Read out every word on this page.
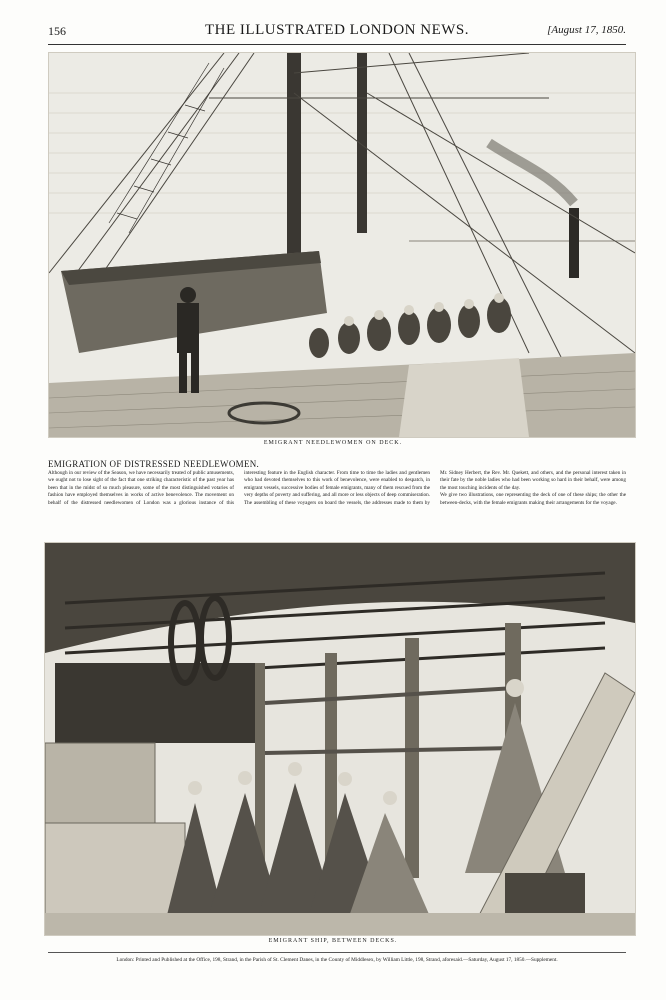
156	THE ILLUSTRATED LONDON NEWS.	[August 17, 1850.
EMIGRANT NEEDLEWOMEN ON DECK.
EMIGRATION OF DISTRESSED NEEDLEWOMEN.

Although in our review of the Season, we have necessarily treated of public amusements, we ought not to lose sight of the fact that one striking characteristic of the past year has been that in the midst of so much pleasure, some of the most distinguished votaries of fashion have employed themselves in works of active benevolence. The movement on behalf of the distressed needlewomen of London was a glorious instance of this interesting feature in the English character. From time to time the ladies and gentlemen who had devoted themselves to this work of benevolence, were enabled to despatch, in emigrant vessels, successive bodies of female emigrants, many of them rescued from the very depths of poverty and suffering, and all more or less objects of deep commiseration. The assembling of these voyagers on board the vessels, the addresses made to them by Mr. Sidney Herbert, the Rev. Mr. Quekett, and others, and the personal interest taken in their fate by the noble ladies who had been working so hard in their behalf, were among the most touching incidents of the day.

We give two illustrations, one representing the deck of one of these ships; the other the between-decks, with the female emigrants making their arrangements for the voyage.

EMIGRANT SHIP, BETWEEN DECKS.
London: Printed and Published at the Office, 198, Strand, in the Parish of St. Clement Danes, in the County of Middlesex, by William Little, 198, Strand, aforesaid.—Saturday, August 17, 1850.—Supplement.
